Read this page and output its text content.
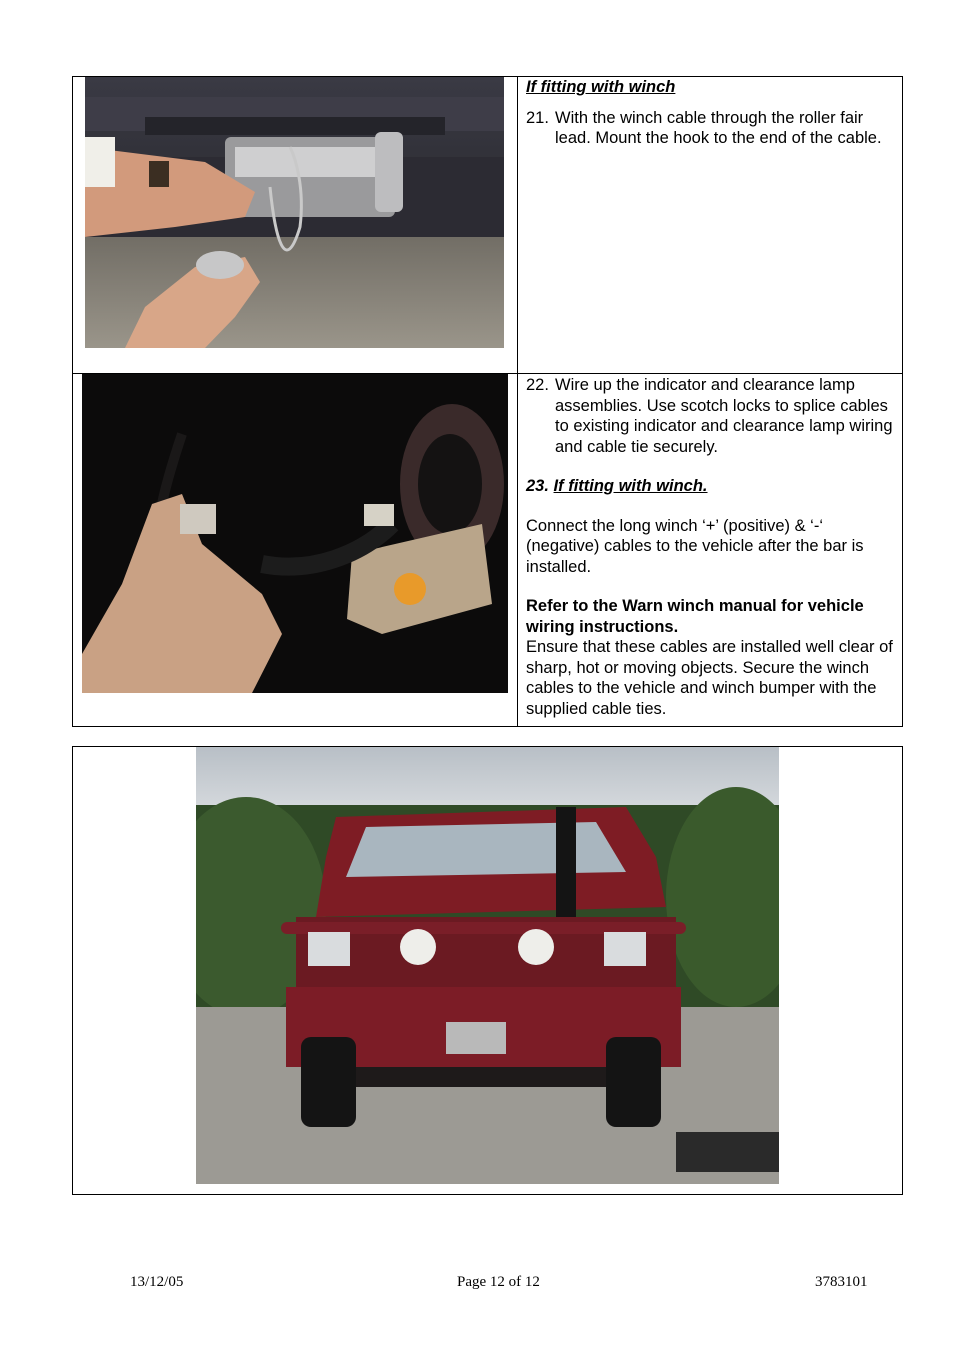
If fitting with winch
21. With the winch cable through the roller fair lead. Mount the hook to the end of the cable.
22. Wire up the indicator and clearance lamp assemblies. Use scotch locks to splice cables to existing indicator and clearance lamp wiring and cable tie securely.
23. If fitting with winch.
Connect the long winch ‘+’ (positive) & ‘-‘ (negative) cables to the vehicle after the bar is installed.
Refer to the Warn winch manual for vehicle wiring instructions.
Ensure that these cables are installed well clear of sharp, hot or moving objects. Secure the winch cables to the vehicle and winch bumper with the supplied cable ties.
13/12/05	Page 12 of 12	3783101
